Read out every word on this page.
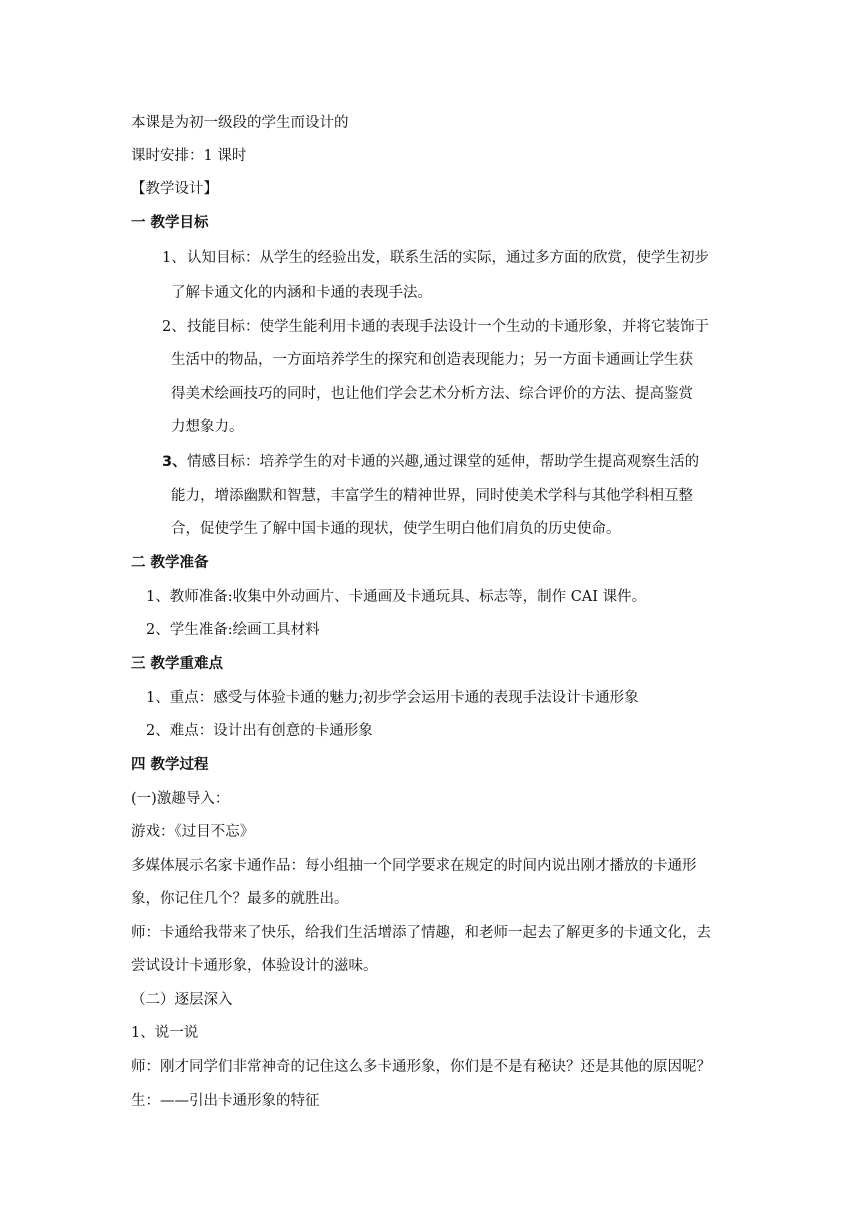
本课是为初一级段的学生而设计的
课时安排：1 课时
【教学设计】
一 教学目标
1、 认知目标：从学生的经验出发，联系生活的实际，通过多方面的欣赏，使学生初步
了解卡通文化的内涵和卡通的表现手法。
2、 技能目标：使学生能利用卡通的表现手法设计一个生动的卡通形象，并将它装饰于
生活中的物品，一方面培养学生的探究和创造表现能力；另一方面卡通画让学生获
得美术绘画技巧的同时，也让他们学会艺术分析方法、综合评价的方法、提高鉴赏
力想象力。
3、 情感目标：培养学生的对卡通的兴趣,通过课堂的延伸，帮助学生提高观察生活的
能力，增添幽默和智慧，丰富学生的精神世界，同时使美术学科与其他学科相互整
合，促使学生了解中国卡通的现状，使学生明白他们肩负的历史使命。
二 教学准备
1、教师准备:收集中外动画片、卡通画及卡通玩具、标志等，制作 CAI 课件。
2、学生准备:绘画工具材料
三 教学重难点
1、重点：感受与体验卡通的魅力;初步学会运用卡通的表现手法设计卡通形象
2、难点：设计出有创意的卡通形象
四 教学过程
(一)激趣导入：
游戏：《过目不忘》
多媒体展示名家卡通作品：每小组抽一个同学要求在规定的时间内说出刚才播放的卡通形
象，你记住几个？最多的就胜出。
师：卡通给我带来了快乐，给我们生活增添了情趣，和老师一起去了解更多的卡通文化，去
尝试设计卡通形象，体验设计的滋味。
（二）逐层深入
1、说一说
师：刚才同学们非常神奇的记住这么多卡通形象，你们是不是有秘诀？还是其他的原因呢？
生：——引出卡通形象的特征
